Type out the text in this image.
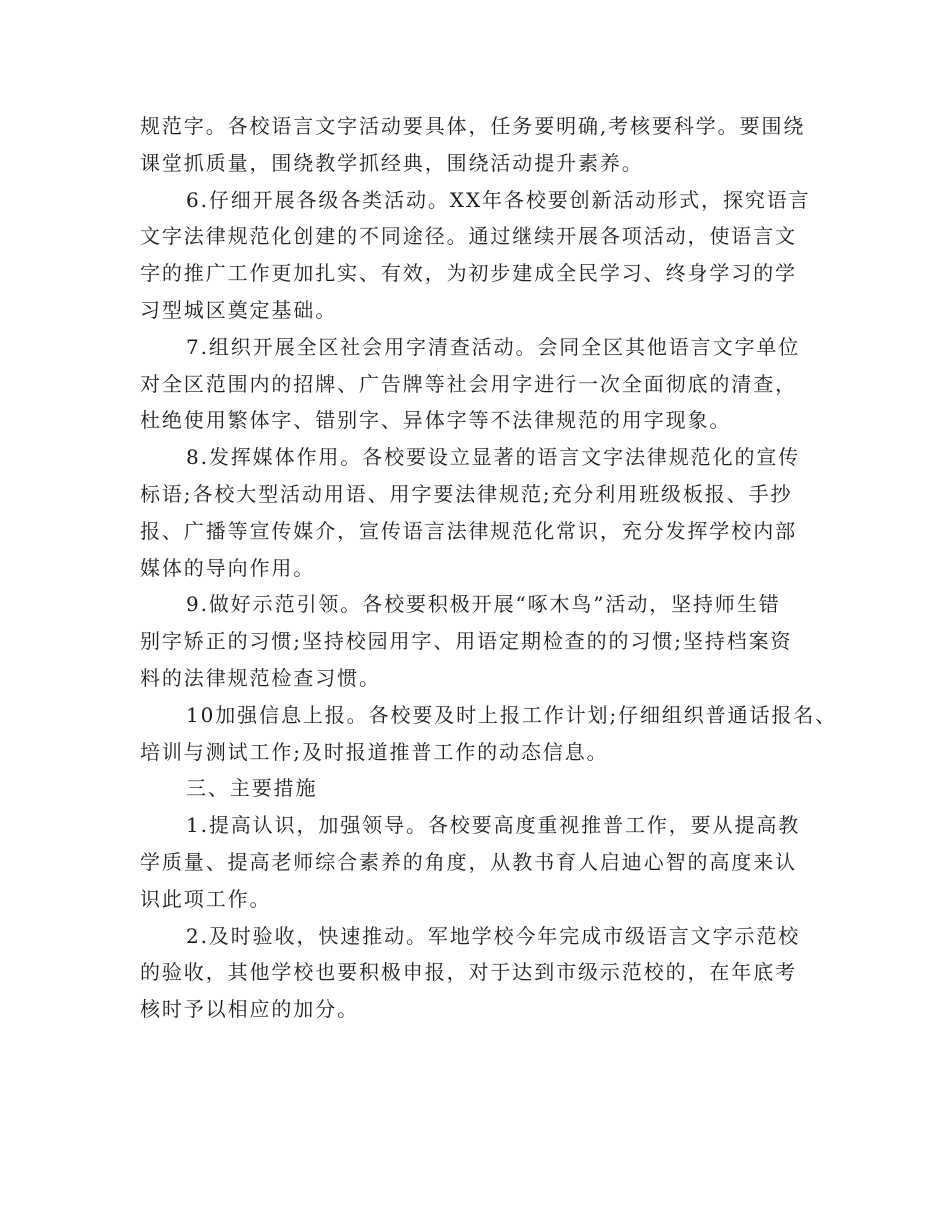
规范字。各校语言文字活动要具体，任务要明确,考核要科学。要围绕
课堂抓质量，围绕教学抓经典，围绕活动提升素养。
6.仔细开展各级各类活动。XX年各校要创新活动形式，探究语言
文字法律规范化创建的不同途径。通过继续开展各项活动，使语言文
字的推广工作更加扎实、有效，为初步建成全民学习、终身学习的学
习型城区奠定基础。
7.组织开展全区社会用字清查活动。会同全区其他语言文字单位
对全区范围内的招牌、广告牌等社会用字进行一次全面彻底的清查，
杜绝使用繁体字、错别字、异体字等不法律规范的用字现象。
8.发挥媒体作用。各校要设立显著的语言文字法律规范化的宣传
标语;各校大型活动用语、用字要法律规范;充分利用班级板报、手抄
报、广播等宣传媒介，宣传语言法律规范化常识，充分发挥学校内部
媒体的导向作用。
9.做好示范引领。各校要积极开展“啄木鸟”活动，坚持师生错
别字矫正的习惯;坚持校园用字、用语定期检查的的习惯;坚持档案资
料的法律规范检查习惯。
10加强信息上报。各校要及时上报工作计划;仔细组织普通话报名、
培训与测试工作;及时报道推普工作的动态信息。
三、主要措施
1.提高认识，加强领导。各校要高度重视推普工作，要从提高教
学质量、提高老师综合素养的角度，从教书育人启迪心智的高度来认
识此项工作。
2.及时验收，快速推动。军地学校今年完成市级语言文字示范校
的验收，其他学校也要积极申报，对于达到市级示范校的，在年底考
核时予以相应的加分。
